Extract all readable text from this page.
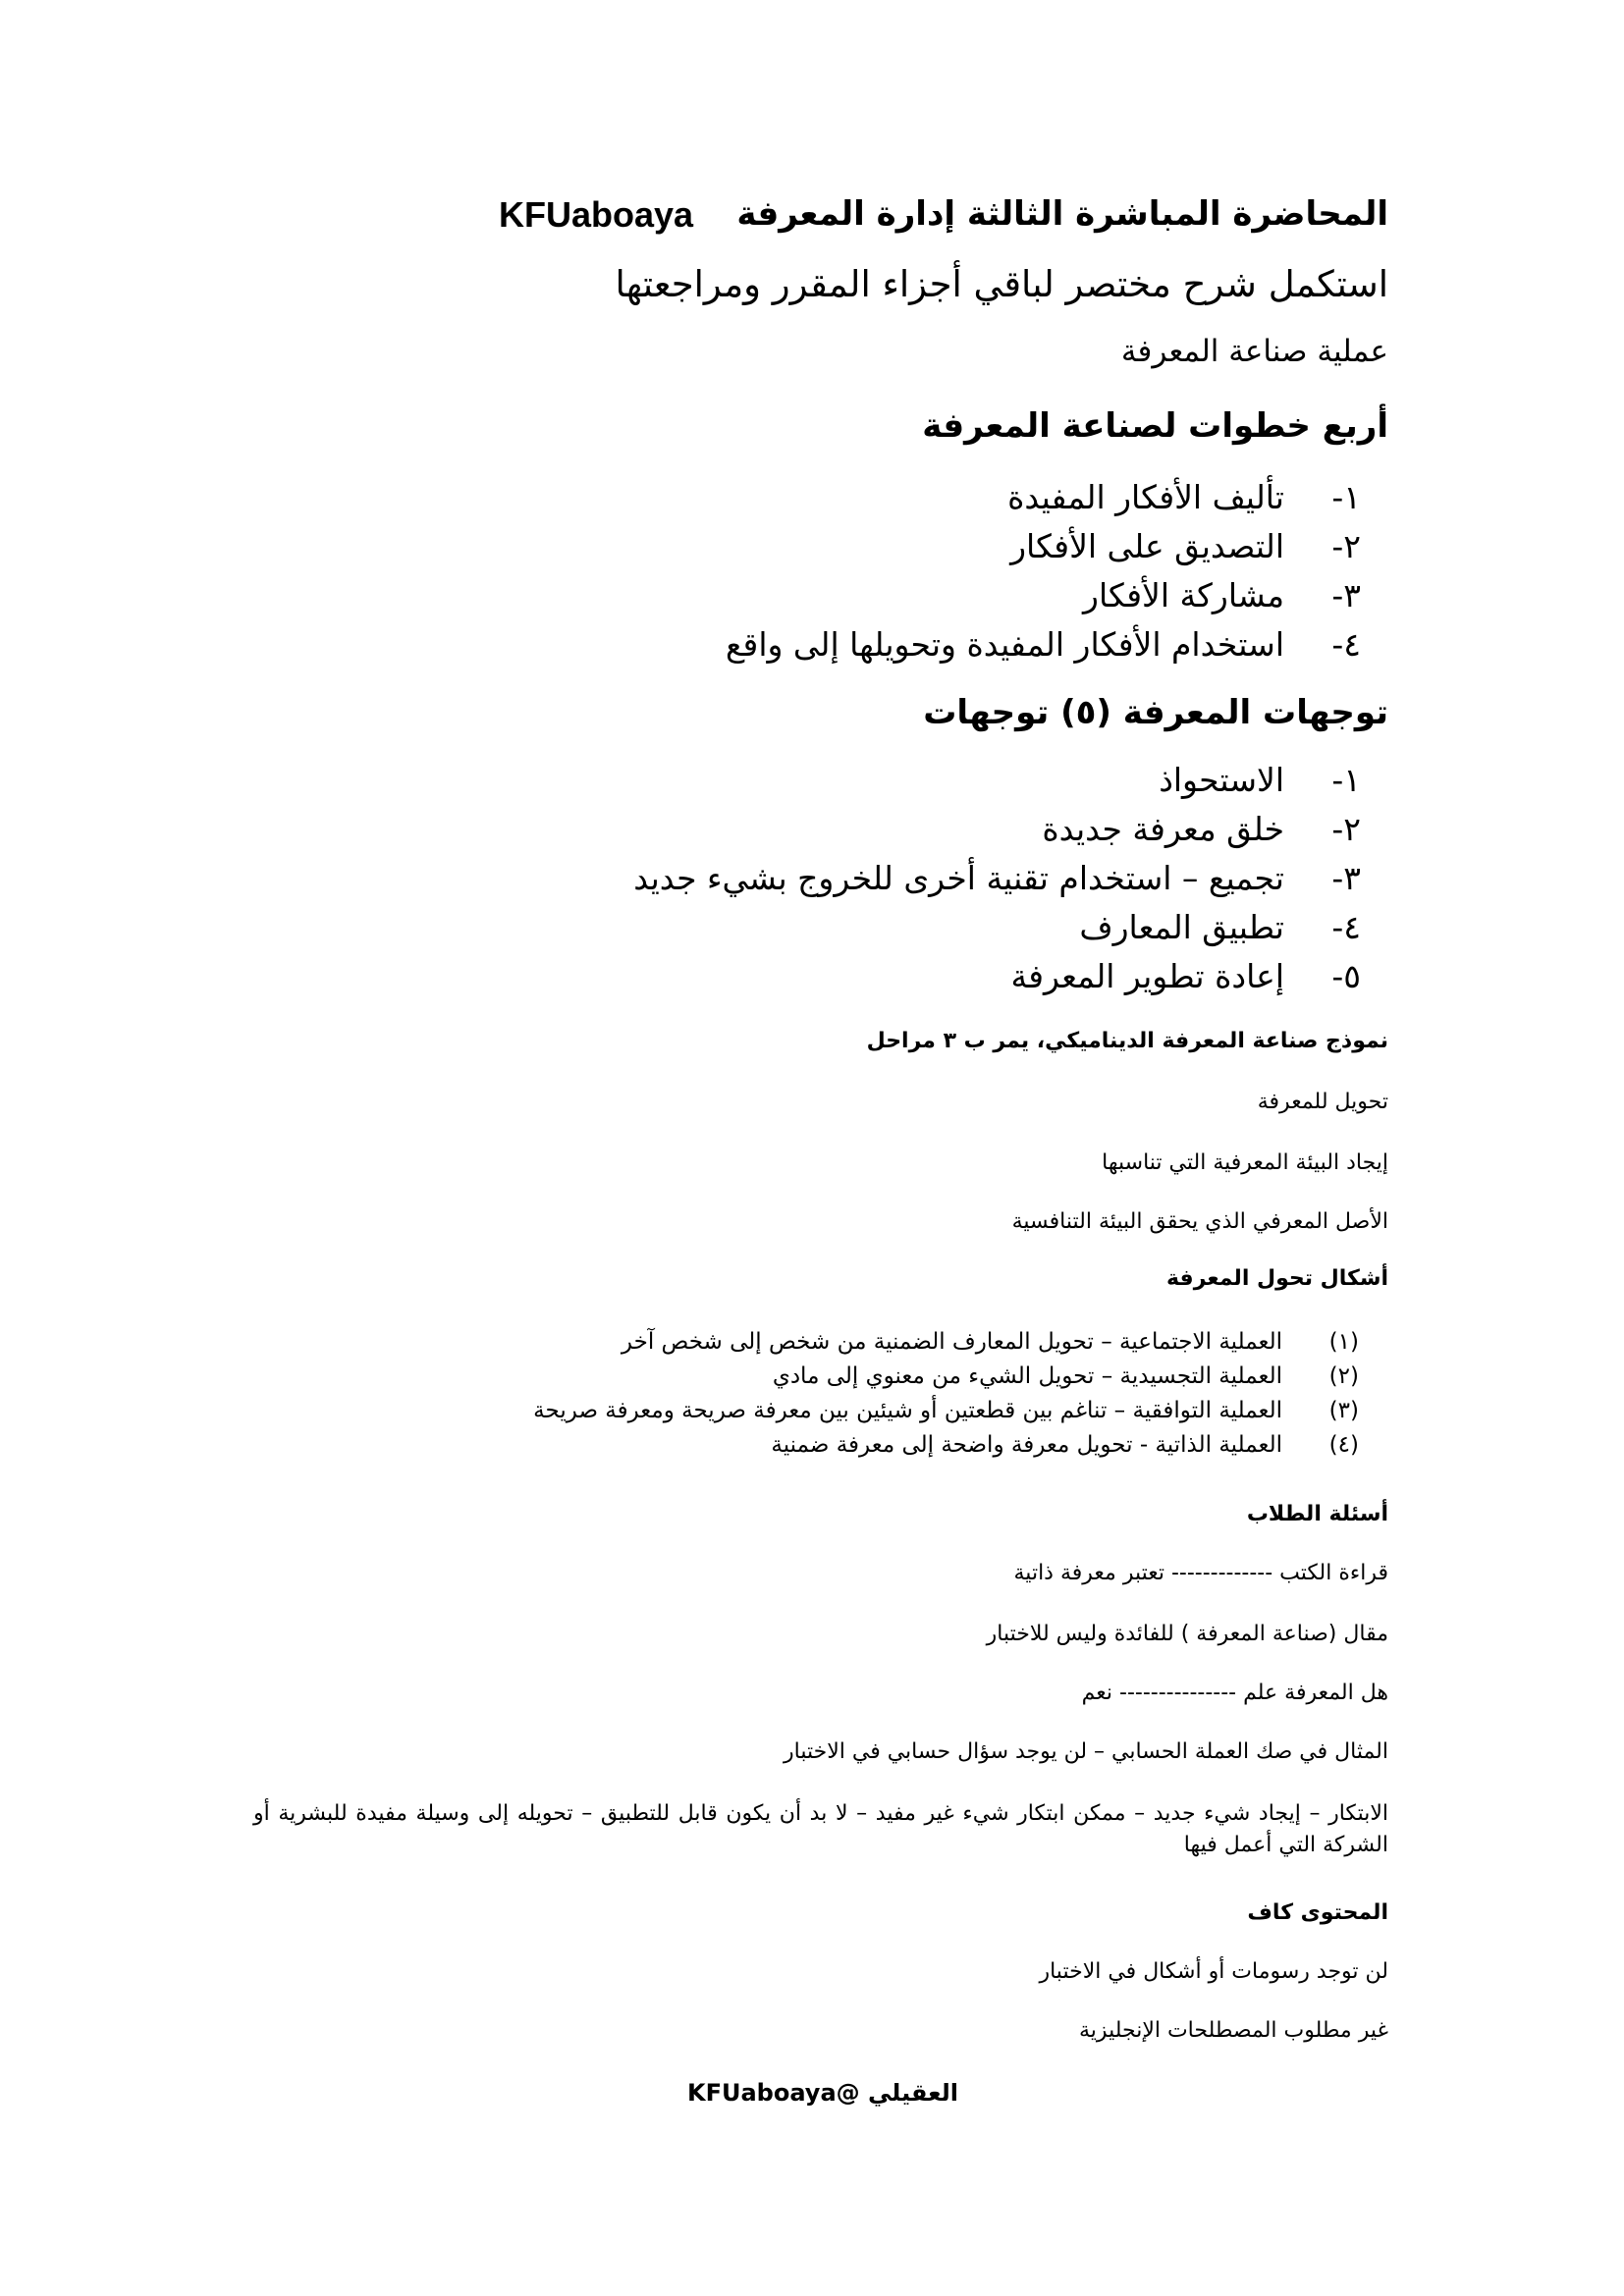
المحاضرة المباشرة الثالثة إدارة المعرفة
KFUaboaya
استكمل شرح مختصر لباقي أجزاء المقرر ومراجعتها
عملية صناعة المعرفة
أربع خطوات لصناعة المعرفة
١-
تأليف الأفكار المفيدة
٢-
التصديق على الأفكار
٣-
مشاركة الأفكار
٤-
استخدام الأفكار المفيدة وتحويلها إلى واقع
توجهات المعرفة (٥) توجهات
١-
الاستحواذ
٢-
خلق معرفة جديدة
٣-
تجميع – استخدام تقنية أخرى للخروج بشيء جديد
٤-
تطبيق المعارف
٥-
إعادة تطوير المعرفة
نموذج صناعة المعرفة الديناميكي، يمر ب ٣ مراحل
تحويل للمعرفة
إيجاد البيئة المعرفية التي تناسبها
الأصل المعرفي الذي يحقق البيئة التنافسية
أشكال تحول المعرفة
(١)
العملية الاجتماعية – تحويل المعارف الضمنية من شخص إلى شخص آخر
(٢)
العملية التجسيدية – تحويل الشيء من معنوي إلى مادي
(٣)
العملية التوافقية – تناغم بين قطعتين أو شيئين بين معرفة صريحة ومعرفة صريحة
(٤)
العملية الذاتية - تحويل معرفة واضحة إلى معرفة ضمنية
أسئلة الطلاب
قراءة الكتب ------------- تعتبر معرفة ذاتية
مقال (صناعة المعرفة ) للفائدة وليس للاختبار
هل المعرفة علم --------------- نعم
المثال في صك العملة الحسابي – لن يوجد سؤال حسابي في الاختبار
الابتكار – إيجاد شيء جديد – ممكن ابتكار شيء غير مفيد – لا بد أن يكون قابل للتطبيق – تحويله إلى وسيلة مفيدة للبشرية أو الشركة التي أعمل فيها
المحتوى كاف
لن توجد رسومات أو أشكال في الاختبار
غير مطلوب المصطلحات الإنجليزية
العقيلي @KFUaboaya
